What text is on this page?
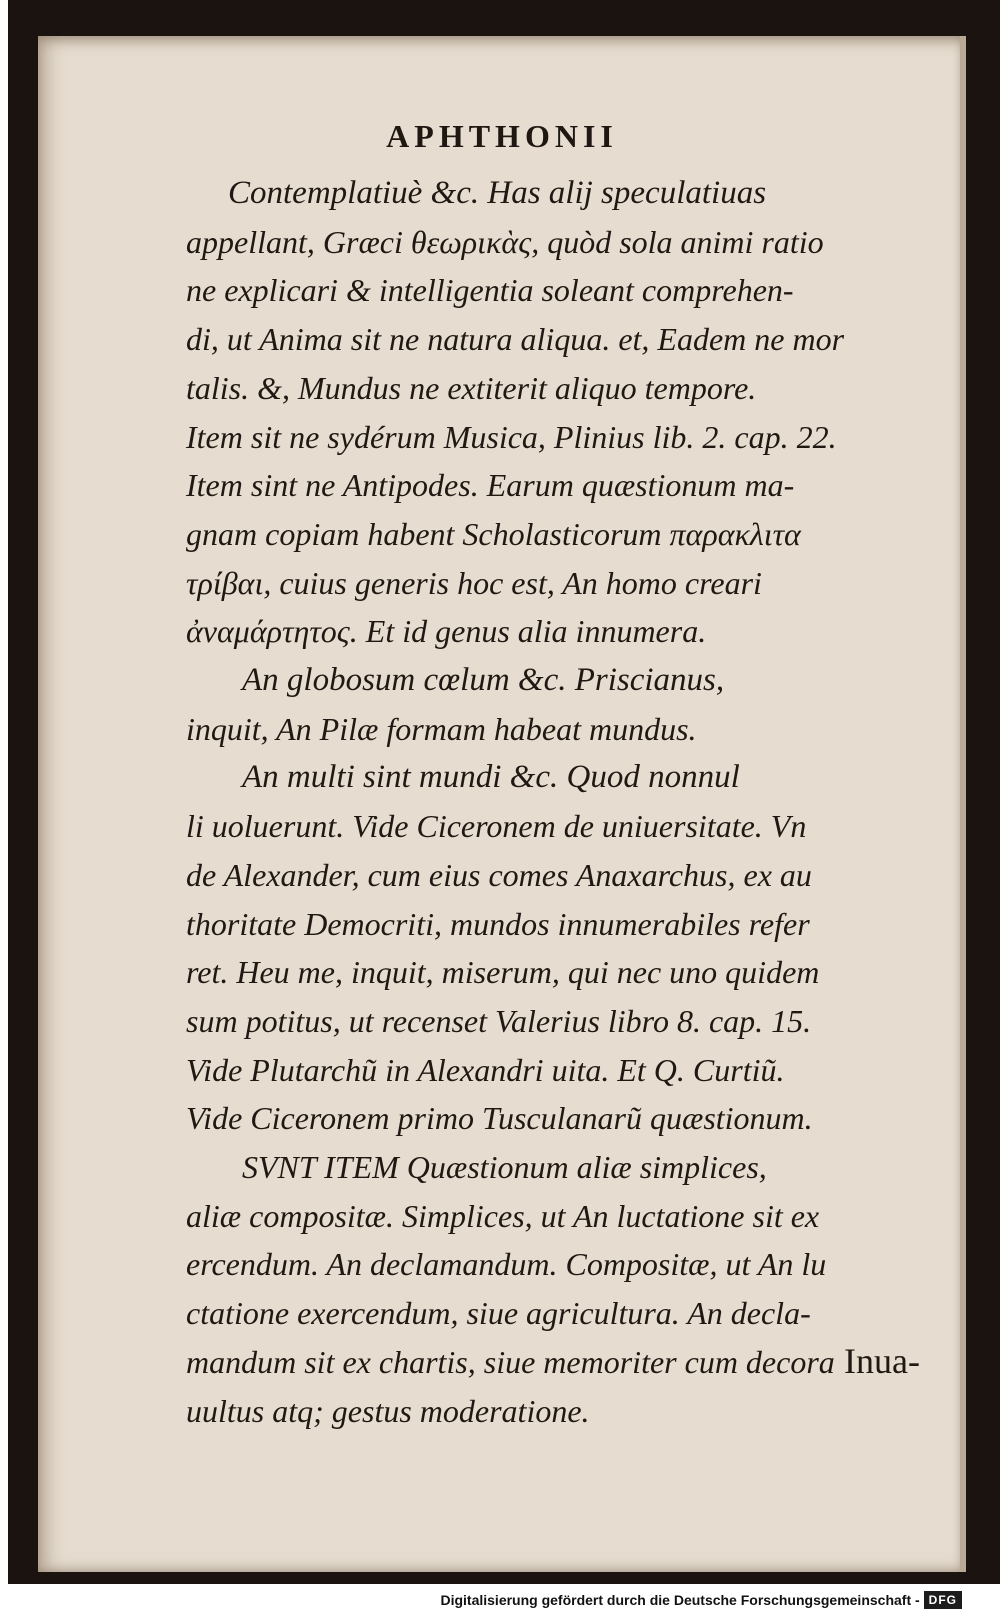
APHTHONII
Contemplatiuè &c. Has alij speculatiuas
appellant, Græci θεωρικὰς, quòd sola animi ratio
ne explicari & intelligentia soleant comprehen-
di, ut Anima sit ne natura aliqua. et, Eadem ne mor
talis. &, Mundus ne extiterit aliquo tempore.
Item sit ne sydérum Musica, Plinius lib. 2. cap. 22.
Item sint ne Antipodes. Earum quæstionum ma-
gnam copiam habent Scholasticorum παρακλιτα
τρίβαι, cuius generis hoc est, An homo creari
ἀναμάρτητος. Et id genus alia innumera.
An globosum cœlum &c. Priscianus,
inquit, An Pilæ formam habeat mundus.
An multi sint mundi &c. Quod nonnul
li uoluerunt. Vide Ciceronem de uniuersitate. Vn
de Alexander, cum eius comes Anaxarchus, ex au
thoritate Democriti, mundos innumerabiles refer
ret. Heu me, inquit, miserum, qui nec uno quidem
sum potitus, ut recenset Valerius libro 8. cap. 15.
Vide Plutarchũ in Alexandri uita. Et Q. Curtiũ.
Vide Ciceronem primo Tusculanarũ quæstionum.
SVNT ITEM Quæstionum aliæ simplices,
aliæ compositæ. Simplices, ut An luctatione sit ex
ercendum. An declamandum. Compositæ, ut An lu
ctatione exercendum, siue agricultura. An decla-
mandum sit ex chartis, siue memoriter cum decora
uultus atq; gestus moderatione.
Inua-
Digitalisierung gefördert durch die Deutsche Forschungsgemeinschaft - DFG
